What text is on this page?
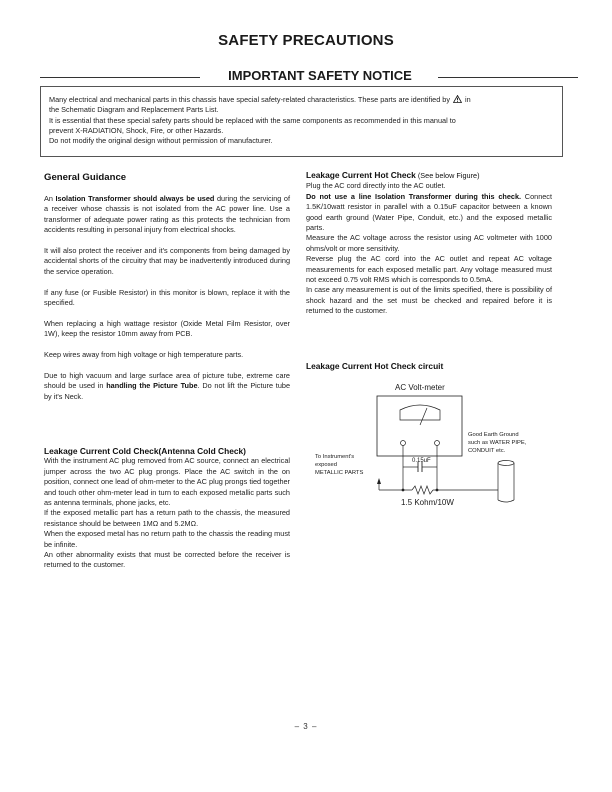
SAFETY PRECAUTIONS
IMPORTANT SAFETY NOTICE

Many electrical and mechanical parts in this chassis have special safety-related characteristics. These parts are identified by in

the Schematic Diagram and Replacement Parts List.

It is essential that these special safety parts should be replaced with the same components as recommended in this manual to

prevent X-RADIATION, Shock, Fire, or other Hazards.

Do not modify the original design without permission of manufacturer.

General Guidance

An Isolation Transformer should always be used during the servicing of a receiver whose chassis is not isolated from the AC power line. Use a transformer of adequate power rating as this protects the technician from accidents resulting in personal injury from electrical shocks.

It will also protect the receiver and it's components from being damaged by accidental shorts of the circuitry that may be inadvertently introduced during the service operation.

If any fuse (or Fusible Resistor) in this monitor is blown, replace it with the specified.

When replacing a high wattage resistor (Oxide Metal Film Resistor, over 1W), keep the resistor 10mm away from PCB.

Keep wires away from high voltage or high temperature parts.

Due to high vacuum and large surface area of picture tube, extreme care should be used in handling the Picture Tube. Do not lift the Picture tube by it's Neck.

Leakage Current Cold Check(Antenna Cold Check)

With the instrument AC plug removed from AC source, connect an electrical jumper across the two AC plug prongs. Place the AC switch in the on position, connect one lead of ohm-meter to the AC plug prongs tied together and touch other ohm-meter lead in turn to each exposed metallic parts such as antenna terminals, phone jacks, etc.

If the exposed metallic part has a return path to the chassis, the measured resistance should be between 1MΩ and 5.2MΩ.

When the exposed metal has no return path to the chassis the reading must be infinite.

An other abnormality exists that must be corrected before the receiver is returned to the customer.

Leakage Current Hot Check (See below Figure)

Plug the AC cord directly into the AC outlet.

Do not use a line Isolation Transformer during this check. Connect 1.5K/10watt resistor in parallel with a 0.15uF capacitor between a known good earth ground (Water Pipe, Conduit, etc.) and the exposed metallic parts.

Measure the AC voltage across the resistor using AC voltmeter with 1000 ohms/volt or more sensitivity.

Reverse plug the AC cord into the AC outlet and repeat AC voltage measurements for each exposed metallic part. Any voltage measured must not exceed 0.75 volt RMS which is corresponds to 0.5mA.

In case any measurement is out of the limits specified, there is possibility of shock hazard and the set must be checked and repaired before it is returned to the customer.

Leakage Current Hot Check circuit
AC Volt-meter
0.15uF
1.5 Kohm/10W
To Instrument's
exposed
METALLIC PARTS
Good Earth Ground
such as WATER PIPE,
CONDUIT etc.
– 3 –
